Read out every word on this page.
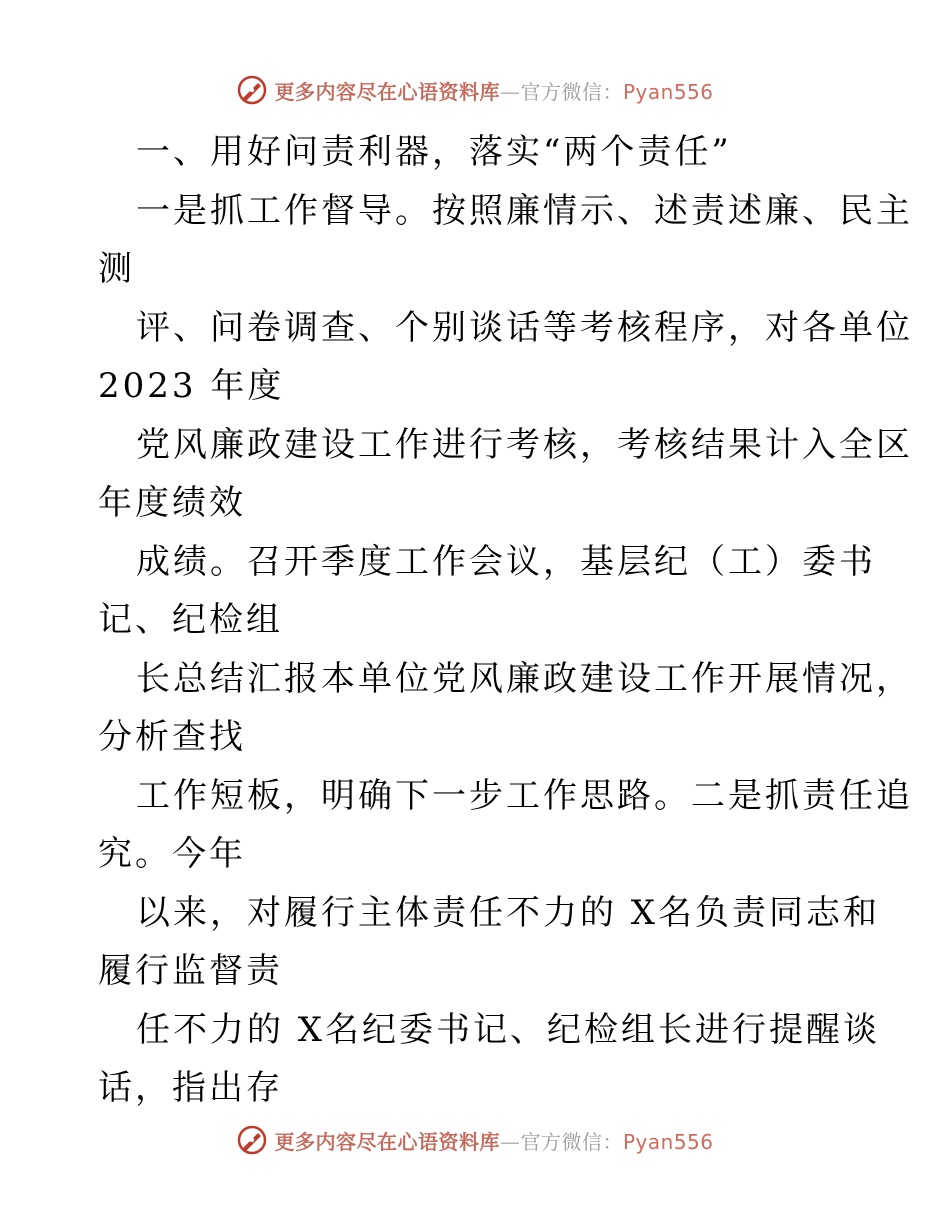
更多内容尽在心语资料库—官方微信：Pyan556
一、用好问责利器，落实“两个责任”
一是抓工作督导。按照廉情示、述责述廉、民主
测
评、问卷调查、个别谈话等考核程序，对各单位
2023 年度
党风廉政建设工作进行考核，考核结果计入全区
年度绩效
成绩。召开季度工作会议，基层纪（工）委书
记、纪检组
长总结汇报本单位党风廉政建设工作开展情况，
分析查找
工作短板，明确下一步工作思路。二是抓责任追
究。今年
以来，对履行主体责任不力的 X名负责同志和
履行监督责
任不力的 X名纪委书记、纪检组长进行提醒谈
话，指出存
更多内容尽在心语资料库—官方微信：Pyan556
